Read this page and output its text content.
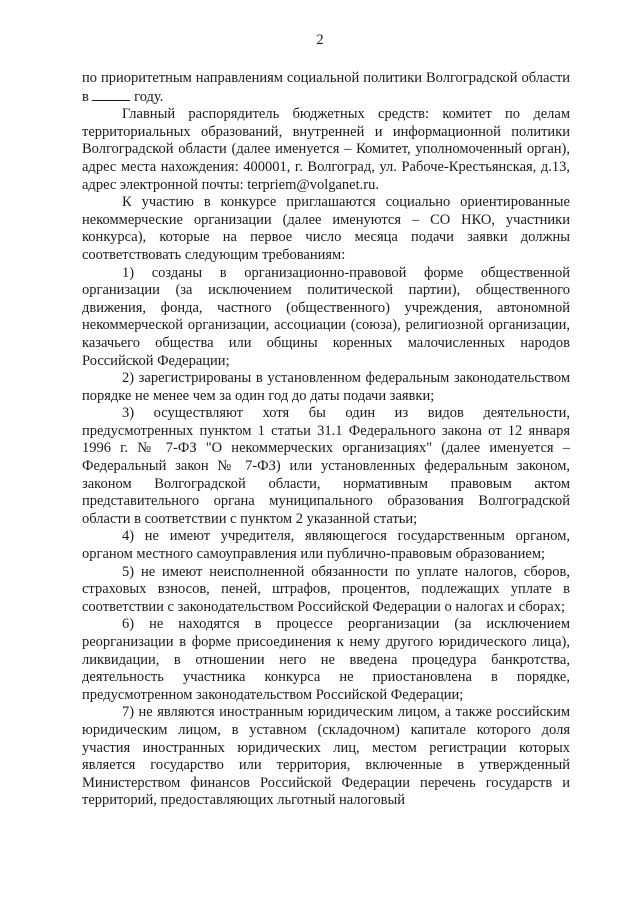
2

по приоритетным направлениям социальной политики Волгоградской области в	году.

Главный распорядитель бюджетных средств: комитет по делам территориальных образований, внутренней и информационной политики Волгоградской области (далее именуется – Комитет, уполномоченный орган), адрес места нахождения: 400001, г. Волгоград, ул. Рабоче-Крестьянская, д.13, адрес электронной почты: terpriem@volganet.ru.

К участию в конкурсе приглашаются социально ориентированные некоммерческие организации (далее именуются – СО НКО, участники конкурса), которые на первое число месяца подачи заявки должны соответствовать следующим требованиям:

1) созданы в организационно-правовой форме общественной организации (за исключением политической партии), общественного движения, фонда, частного (общественного) учреждения, автономной некоммерческой организации, ассоциации (союза), религиозной организации, казачьего общества или общины коренных малочисленных народов Российской Федерации;

2) зарегистрированы в установленном федеральным законодательством порядке не менее чем за один год до даты подачи заявки;

3) осуществляют хотя бы один из видов деятельности, предусмотренных пунктом 1 статьи 31.1 Федерального закона от 12 января 1996 г. № 7-ФЗ "О некоммерческих организациях" (далее именуется – Федеральный закон № 7-ФЗ) или установленных федеральным законом, законом Волгоградской области, нормативным правовым актом представительного органа муниципального образования Волгоградской области в соответствии с пунктом 2 указанной статьи;

4) не имеют учредителя, являющегося государственным органом, органом местного самоуправления или публично-правовым образованием;

5) не имеют неисполненной обязанности по уплате налогов, сборов, страховых взносов, пеней, штрафов, процентов, подлежащих уплате в соответствии с законодательством Российской Федерации о налогах и сборах;

6) не находятся в процессе реорганизации (за исключением реорганизации в форме присоединения к нему другого юридического лица), ликвидации, в отношении него не введена процедура банкротства, деятельность участника конкурса не приостановлена в порядке, предусмотренном законодательством Российской Федерации;

7) не являются иностранным юридическим лицом, а также российским юридическим лицом, в уставном (складочном) капитале которого доля участия иностранных юридических лиц, местом регистрации которых является государство или территория, включенные в утвержденный Министерством финансов Российской Федерации перечень государств и территорий, предоставляющих льготный налоговый
